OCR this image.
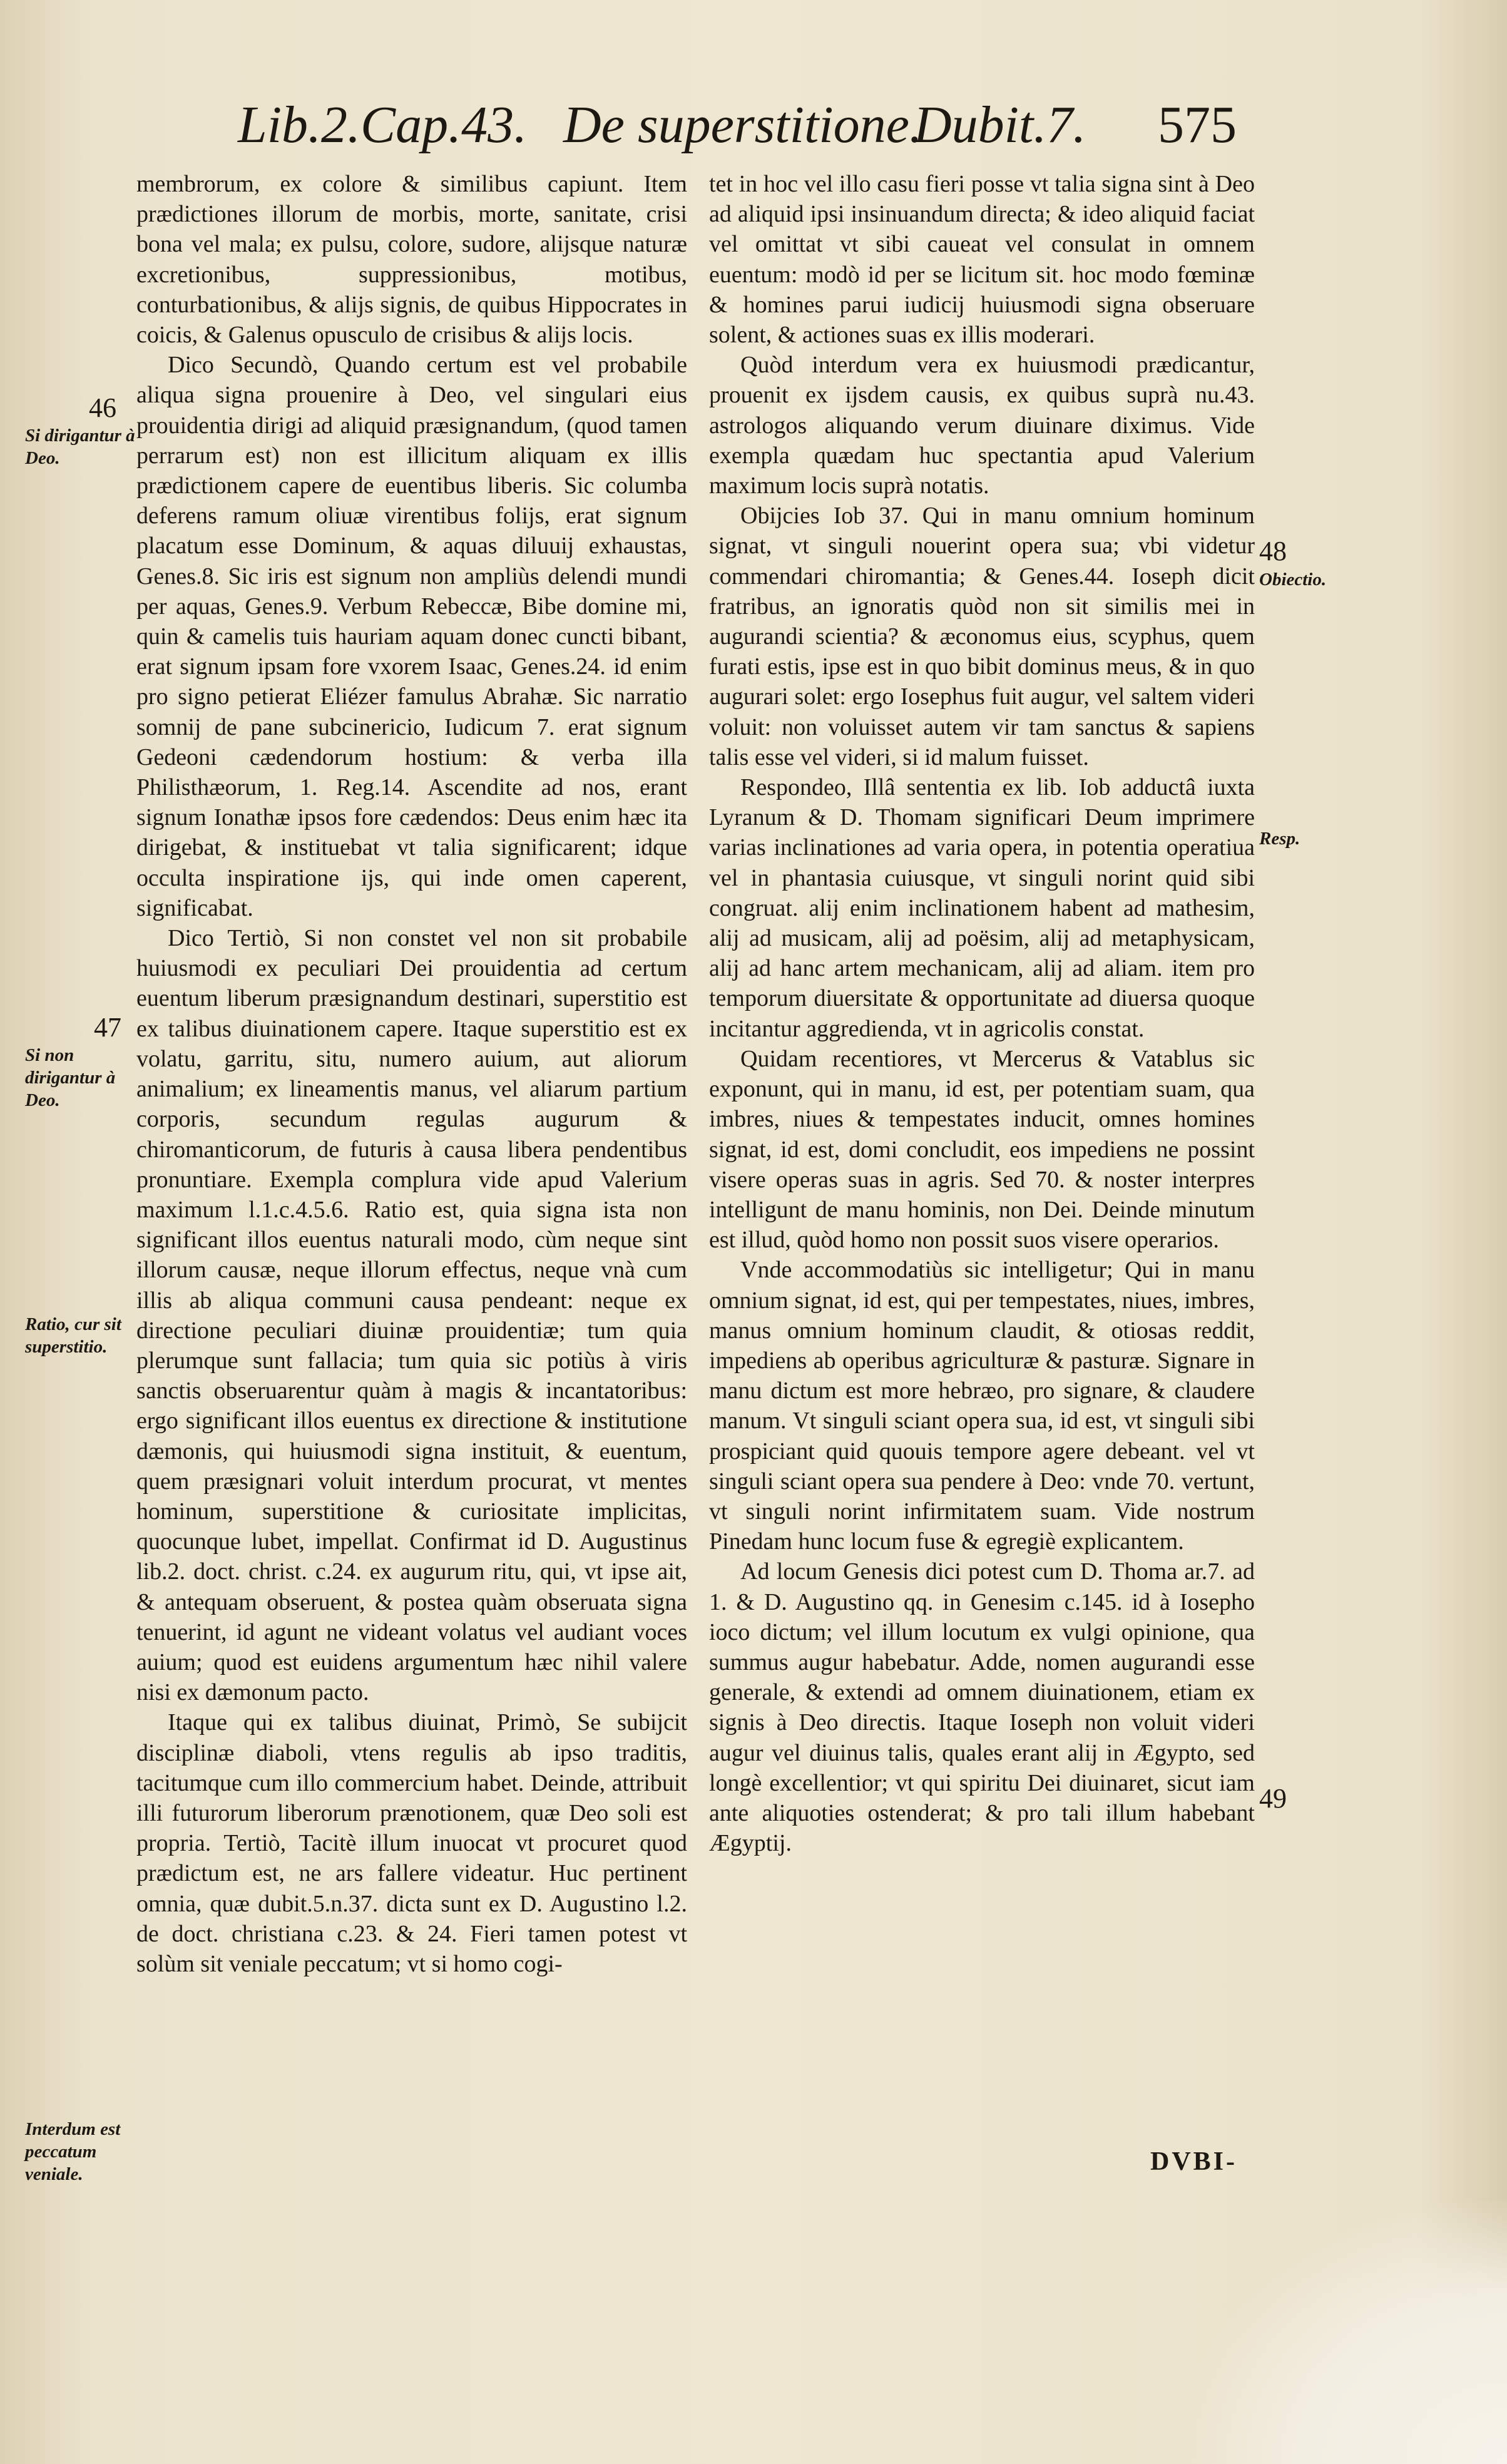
Lib.2.Cap.43. De superstitione.
Dubit.7. 575

membrorum, ex colore & similibus capiunt. Item prædictiones illorum de morbis, morte, sanitate, crisi bona vel mala; ex pulsu, colore, sudore, alijsque naturæ excretionibus, suppressionibus, motibus, conturbationibus, & alijs signis, de quibus Hippocrates in coicis, & Galenus opusculo de crisibus & alijs locis.

Dico Secundò, Quando certum est vel probabile aliqua signa prouenire à Deo, vel singulari eius prouidentia dirigi ad aliquid præsignandum, (quod tamen perrarum est) non est illicitum aliquam ex illis prædictionem capere de euentibus liberis. Sic columba deferens ramum oliuæ virentibus folijs, erat signum placatum esse Dominum, & aquas diluuij exhaustas, Genes.8. Sic iris est signum non ampliùs delendi mundi per aquas, Genes.9. Verbum Rebeccæ, Bibe domine mi, quin & camelis tuis hauriam aquam donec cuncti bibant, erat signum ipsam fore vxorem Isaac, Genes.24. id enim pro signo petierat Eliézer famulus Abrahæ. Sic narratio somnij de pane subcinericio, Iudicum 7. erat signum Gedeoni cædendorum hostium: & verba illa Philisthæorum, 1. Reg.14. Ascendite ad nos, erant signum Ionathæ ipsos fore cædendos: Deus enim hæc ita dirigebat, & instituebat vt talia significarent; idque occulta inspiratione ijs, qui inde omen caperent, significabat.

Dico Tertiò, Si non constet vel non sit probabile huiusmodi ex peculiari Dei prouidentia ad certum euentum liberum præsignandum destinari, superstitio est ex talibus diuinationem capere. Itaque superstitio est ex volatu, garritu, situ, numero auium, aut aliorum animalium; ex lineamentis manus, vel aliarum partium corporis, secundum regulas augurum & chiromanticorum, de futuris à causa libera pendentibus pronuntiare. Exempla complura vide apud Valerium maximum l.1.c.4.5.6. Ratio est, quia signa ista non significant illos euentus naturali modo, cùm neque sint illorum causæ, neque illorum effectus, neque vnà cum illis ab aliqua communi causa pendeant: neque ex directione peculiari diuinæ prouidentiæ; tum quia plerumque sunt fallacia; tum quia sic potiùs à viris sanctis obseruarentur quàm à magis & incantatoribus: ergo significant illos euentus ex directione & institutione dæmonis, qui huiusmodi signa instituit, & euentum, quem præsignari voluit interdum procurat, vt mentes hominum, superstitione & curiositate implicitas, quocunque lubet, impellat. Confirmat id D. Augustinus lib.2. doct. christ. c.24. ex augurum ritu, qui, vt ipse ait, & antequam obseruent, & postea quàm obseruata signa tenuerint, id agunt ne videant volatus vel audiant voces auium; quod est euidens argumentum hæc nihil valere nisi ex dæmonum pacto.

Itaque qui ex talibus diuinat, Primò, Se subijcit disciplinæ diaboli, vtens regulis ab ipso traditis, tacitumque cum illo commercium habet. Deinde, attribuit illi futurorum liberorum prænotionem, quæ Deo soli est propria. Tertiò, Tacitè illum inuocat vt procuret quod prædictum est, ne ars fallere videatur. Huc pertinent omnia, quæ dubit.5.n.37. dicta sunt ex D. Augustino l.2. de doct. christiana c.23. & 24. Fieri tamen potest vt solùm sit veniale peccatum; vt si homo cogi-

tet in hoc vel illo casu fieri posse vt talia signa sint à Deo ad aliquid ipsi insinuandum directa; & ideo aliquid faciat vel omittat vt sibi caueat vel consulat in omnem euentum: modò id per se licitum sit. hoc modo fœminæ & homines parui iudicij huiusmodi signa obseruare solent, & actiones suas ex illis moderari.

Quòd interdum vera ex huiusmodi prædicantur, prouenit ex ijsdem causis, ex quibus suprà nu.43. astrologos aliquando verum diuinare diximus. Vide exempla quædam huc spectantia apud Valerium maximum locis suprà notatis.

Obijcies Iob 37. Qui in manu omnium hominum signat, vt singuli nouerint opera sua; vbi videtur commendari chiromantia; & Genes.44. Ioseph dicit fratribus, an ignoratis quòd non sit similis mei in augurandi scientia? & æconomus eius, scyphus, quem furati estis, ipse est in quo bibit dominus meus, & in quo augurari solet: ergo Iosephus fuit augur, vel saltem videri voluit: non voluisset autem vir tam sanctus & sapiens talis esse vel videri, si id malum fuisset.

Respondeo, Illâ sententia ex lib. Iob adductâ iuxta Lyranum & D. Thomam significari Deum imprimere varias inclinationes ad varia opera, in potentia operatiua vel in phantasia cuiusque, vt singuli norint quid sibi congruat. alij enim inclinationem habent ad mathesim, alij ad musicam, alij ad poësim, alij ad metaphysicam, alij ad hanc artem mechanicam, alij ad aliam. item pro temporum diuersitate & opportunitate ad diuersa quoque incitantur aggredienda, vt in agricolis constat.

Quidam recentiores, vt Mercerus & Vatablus sic exponunt, qui in manu, id est, per potentiam suam, qua imbres, niues & tempestates inducit, omnes homines signat, id est, domi concludit, eos impediens ne possint visere operas suas in agris. Sed 70. & noster interpres intelligunt de manu hominis, non Dei. Deinde minutum est illud, quòd homo non possit suos visere operarios.

Vnde accommodatiùs sic intelligetur; Qui in manu omnium signat, id est, qui per tempestates, niues, imbres, manus omnium hominum claudit, & otiosas reddit, impediens ab operibus agriculturæ & pasturæ. Signare in manu dictum est more hebræo, pro signare, & claudere manum. Vt singuli sciant opera sua, id est, vt singuli sibi prospiciant quid quouis tempore agere debeant. vel vt singuli sciant opera sua pendere à Deo: vnde 70. vertunt, vt singuli norint infirmitatem suam. Vide nostrum Pinedam hunc locum fuse & egregiè explicantem.

Ad locum Genesis dici potest cum D. Thoma ar.7. ad 1. & D. Augustino qq. in Genesim c.145. id à Iosepho ioco dictum; vel illum locutum ex vulgi opinione, qua summus augur habebatur. Adde, nomen augurandi esse generale, & extendi ad omnem diuinationem, etiam ex signis à Deo directis. Itaque Ioseph non voluit videri augur vel diuinus talis, quales erant alij in Ægypto, sed longè excellentior; vt qui spiritu Dei diuinaret, sicut iam ante aliquoties ostenderat; & pro tali illum habebant Ægyptij.

46
Si dirigantur à Deo.
47
Si non dirigantur à Deo.
Ratio, cur sit superstitio.
Interdum est peccatum veniale.
48
Obiectio.
Resp.
49
DVBI-
